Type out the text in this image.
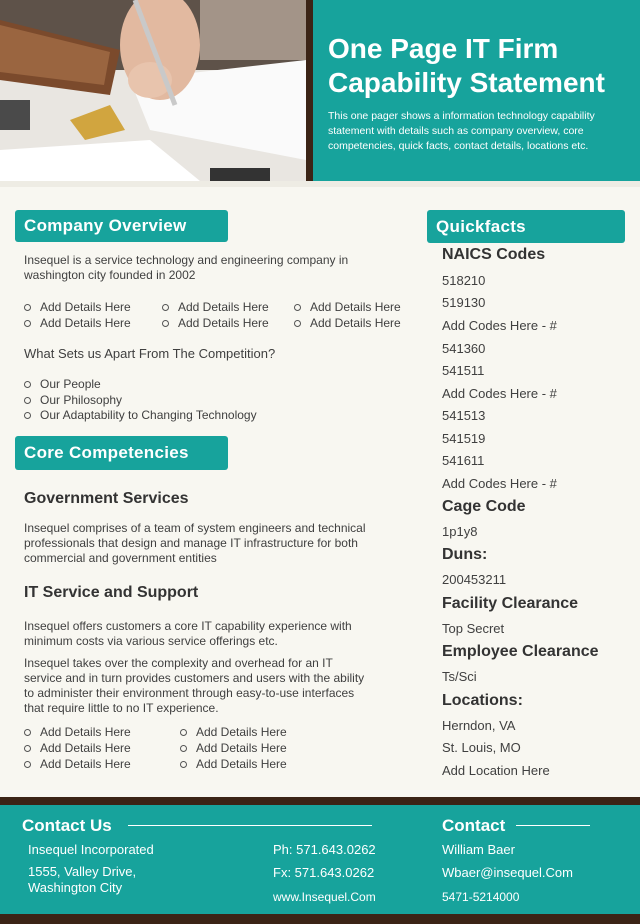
One Page IT Firm Capability Statement
This one pager shows a information technology capability statement with details such as company overview, core competencies, quick facts, contact details, locations etc.
Company Overview
Insequel is a service technology and engineering company in washington city founded in 2002
Add Details Here	Add Details Here	Add Details Here
Add Details Here	Add Details Here	Add Details Here
What Sets us Apart From The Competition?
Our People
Our Philosophy
Our Adaptability to Changing Technology
Core Competencies
Government Services
Insequel comprises of a team of system engineers and technical professionals that design and manage IT infrastructure for both commercial and government entities
IT Service and Support
Insequel offers customers a core IT capability experience with minimum costs via various service offerings etc.
Insequel takes over the complexity and overhead for an IT service and in turn provides customers and users with the ability to administer their environment through easy-to-use interfaces that require little to no IT experience.
Add Details Here	Add Details Here
Add Details Here	Add Details Here
Add Details Here	Add Details Here
Quickfacts
NAICS Codes
518210
519130
Add Codes Here - #
541360
541511
Add Codes Here - #
541513
541519
541611
Add Codes Here - #
Cage Code
1p1y8
Duns:
200453211
Facility Clearance
Top Secret
Employee Clearance
Ts/Sci
Locations:
Herndon, VA
St. Louis, MO
Add Location Here
Contact Us
Insequel Incorporated
1555, Valley Drive, Washington City
Ph: 571.643.0262
Fx: 571.643.0262
www.Insequel.Com
Contact
William Baer
Wbaer@insequel.Com
5471-5214000
